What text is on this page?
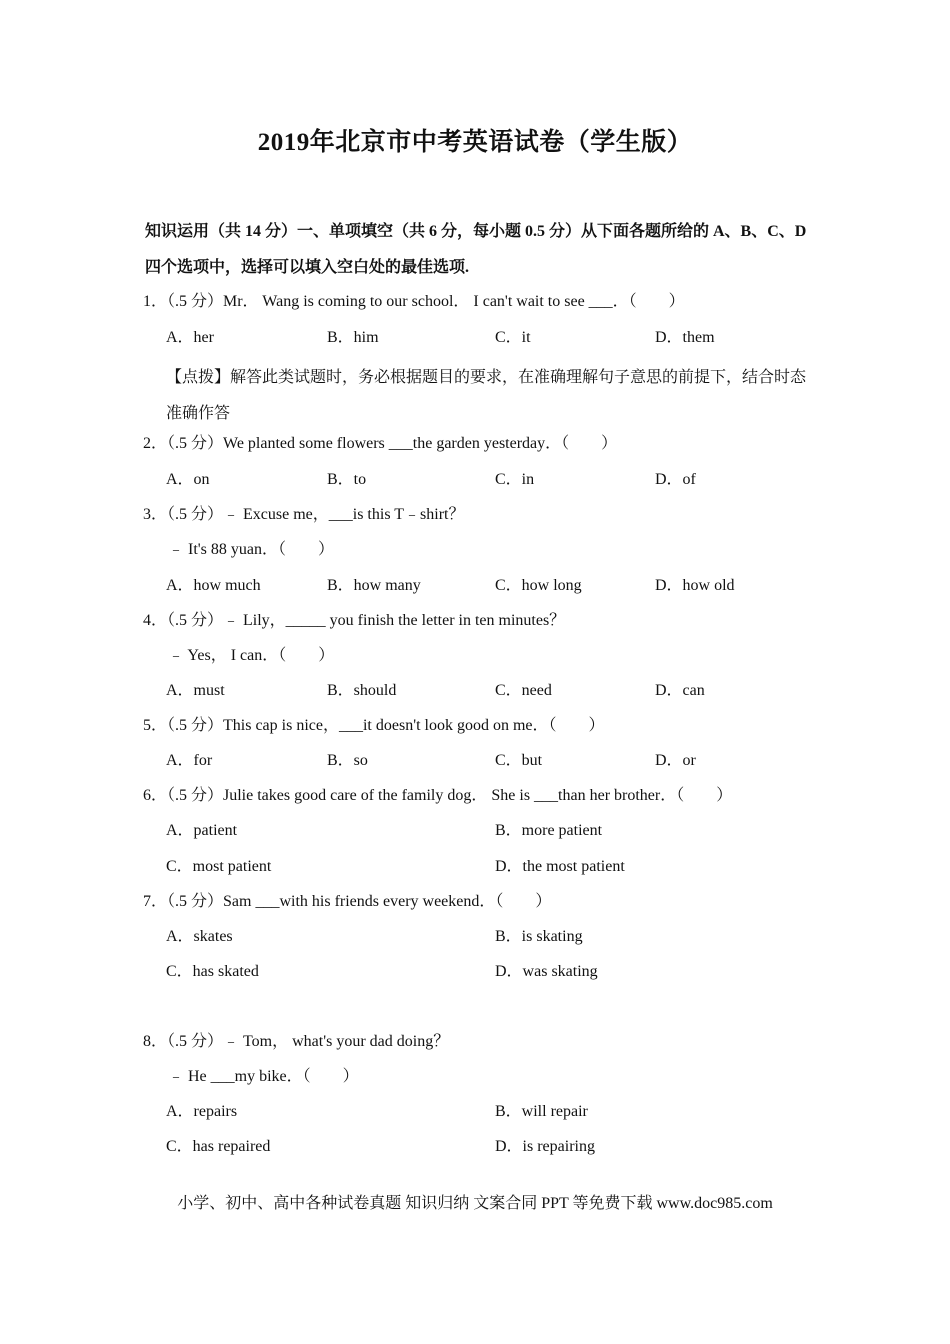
2019年北京市中考英语试卷（学生版）
知识运用（共 14 分）一、单项填空（共 6 分，每小题 0.5 分）从下面各题所给的 A、B、C、D 四个选项中，选择可以填入空白处的最佳选项.
1．（.5 分）Mr． Wang is coming to our school． I can't wait to see ___．（　　）
A．her	B．him	C．it	D．them
【点拨】解答此类试题时，务必根据题目的要求，在准确理解句子意思的前提下，结合时态准确作答
2．（.5 分）We planted some flowers ___the garden yesterday．（　　）
A．on	B．to	C．in	D．of
3．（.5 分）﹣ Excuse me，___is this T﹣shirt？
﹣ It's 88 yuan．（　　）
A．how much	B．how many	C．how long	D．how old
4．（.5 分）﹣ Lily，_____ you finish the letter in ten minutes？
﹣ Yes， I can．（　　）
A．must	B．should	C．need	D．can
5．（.5 分）This cap is nice，___it doesn't look good on me．（　　）
A．for	B．so	C．but	D．or
6．（.5 分）Julie takes good care of the family dog． She is ___than her brother．（　　）
A．patient	B．more patient
C．most patient	D．the most patient
7．（.5 分）Sam ___with his friends every weekend．（　　）
A．skates	B．is skating
C．has skated	D．was skating
8．（.5 分）﹣ Tom， what's your dad doing？
﹣ He ___my bike．（　　）
A．repairs	B．will repair
C．has repaired	D．is repairing
小学、初中、高中各种试卷真题 知识归纳 文案合同 PPT 等免费下载 www.doc985.com
